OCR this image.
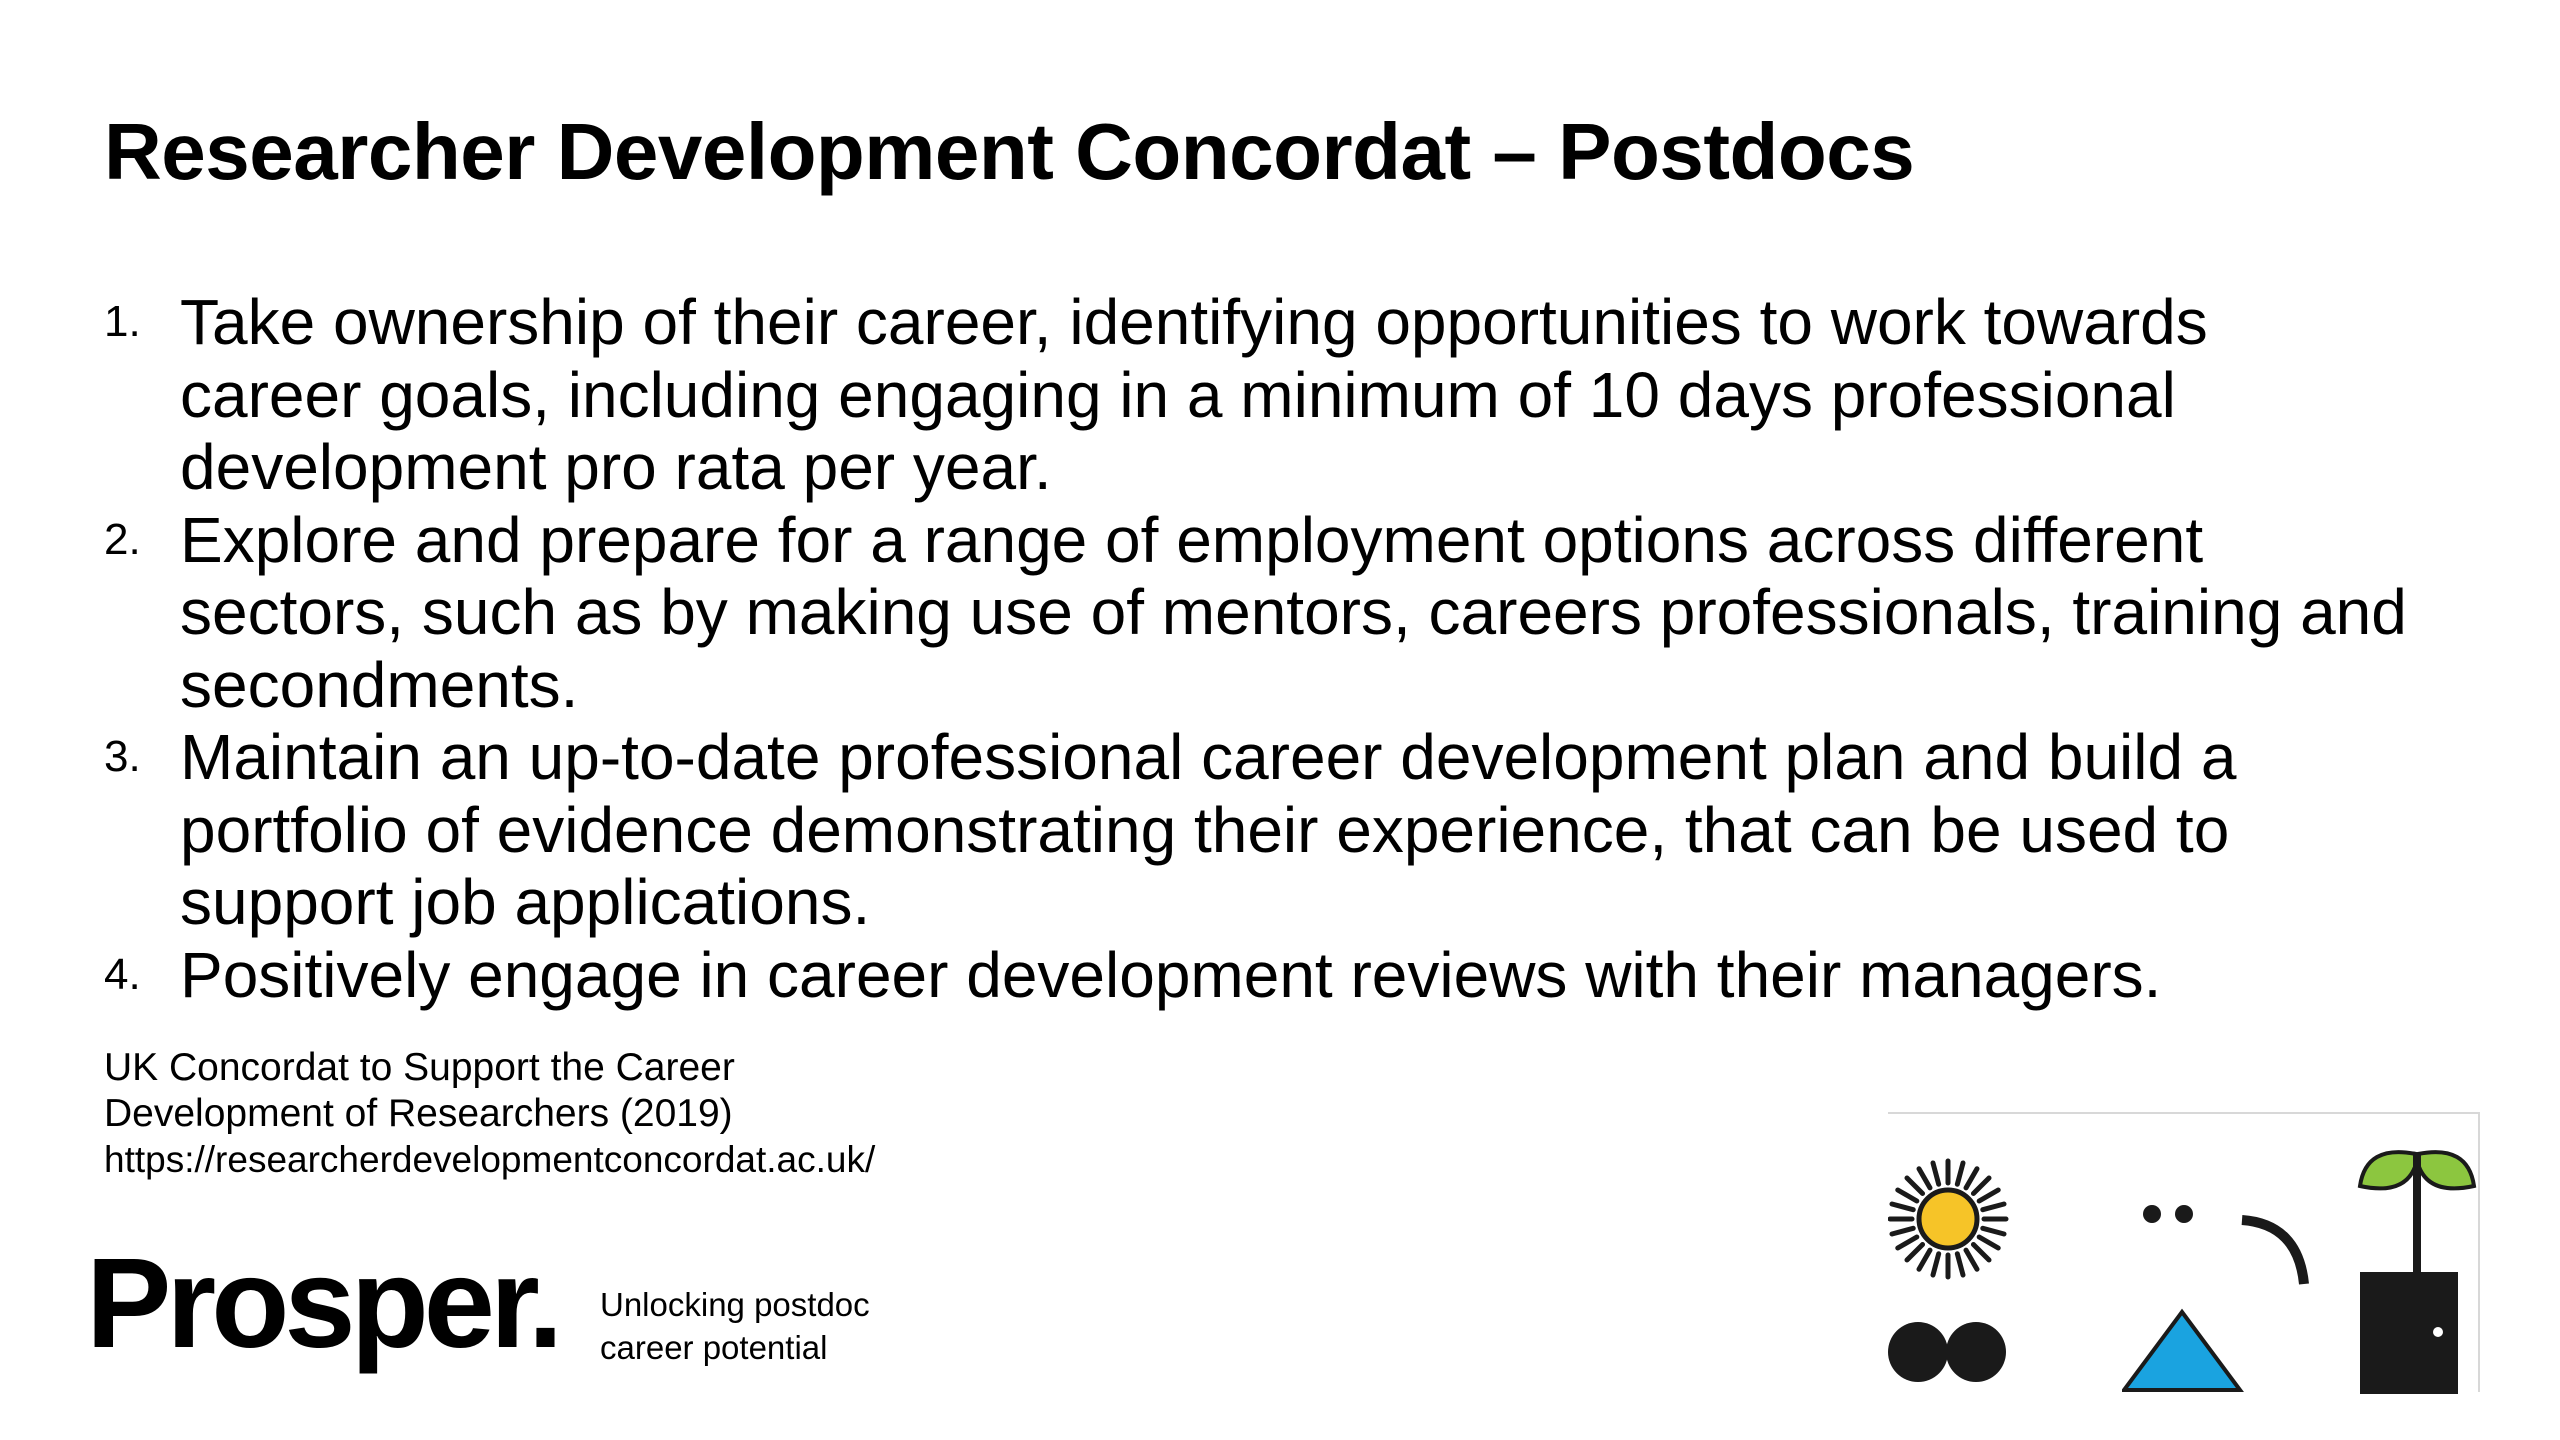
Researcher Development Concordat – Postdocs
1. Take ownership of their career, identifying opportunities to work towards
career goals, including engaging in a minimum of 10 days professional
development pro rata per year.
2. Explore and prepare for a range of employment options across different
sectors, such as by making use of mentors, careers professionals, training and
secondments.
3. Maintain an up-to-date professional career development plan and build a
portfolio of evidence demonstrating their experience, that can be used to
support job applications.
4. Positively engage in career development reviews with their managers.
UK Concordat to Support the Career
Development of Researchers (2019)
https://researcherdevelopmentconcordat.ac.uk/
Prosper. Unlocking postdoc
career potential
